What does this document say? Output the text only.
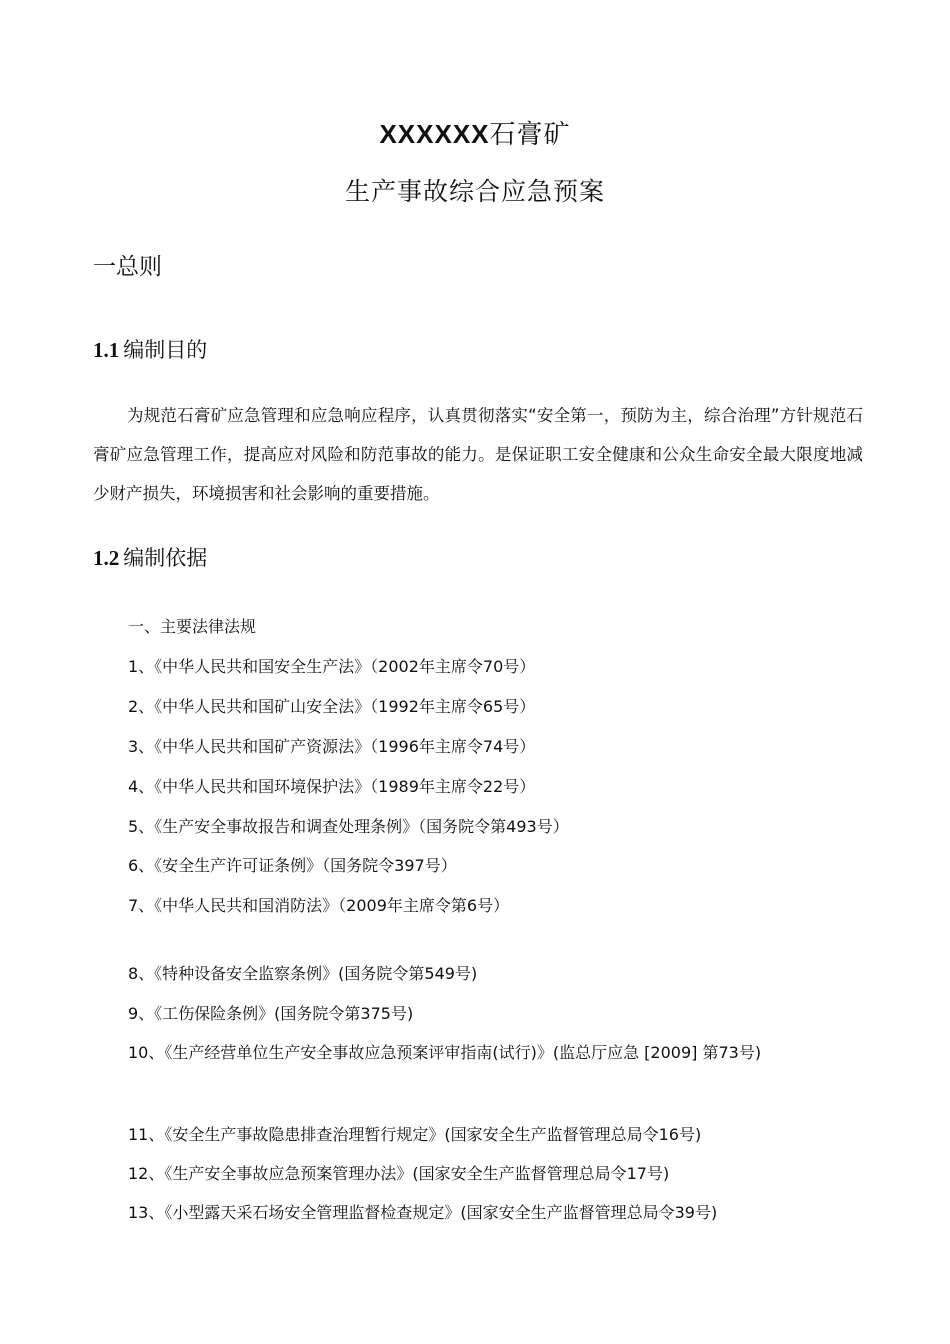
XXXXXX石膏矿
生产事故综合应急预案
一总则
1.1 编制目的
为规范石膏矿应急管理和应急响应程序，认真贯彻落实“安全第一，预防为主，综合治理”方针规范石膏矿应急管理工作，提高应对风险和防范事故的能力。是保证职工安全健康和公众生命安全最大限度地减少财产损失，环境损害和社会影响的重要措施。
1.2 编制依据
一、主要法律法规
1、《中华人民共和国安全生产法》（2002年主席令70号）
2、《中华人民共和国矿山安全法》（1992年主席令65号）
3、《中华人民共和国矿产资源法》（1996年主席令74号）
4、《中华人民共和国环境保护法》（1989年主席令22号）
5、《生产安全事故报告和调查处理条例》（国务院令第493号）
6、《安全生产许可证条例》（国务院令397号）
7、《中华人民共和国消防法》（2009年主席令第6号）
8、《特种设备安全监察条例》(国务院令第549号)
9、《工伤保险条例》(国务院令第375号)
10、《生产经营单位生产安全事故应急预案评审指南(试行)》(监总厅应急 [2009] 第73号)
11、《安全生产事故隐患排查治理暂行规定》(国家安全生产监督管理总局令16号)
12、《生产安全事故应急预案管理办法》(国家安全生产监督管理总局令17号)
13、《小型露天采石场安全管理监督检查规定》(国家安全生产监督管理总局令39号)
